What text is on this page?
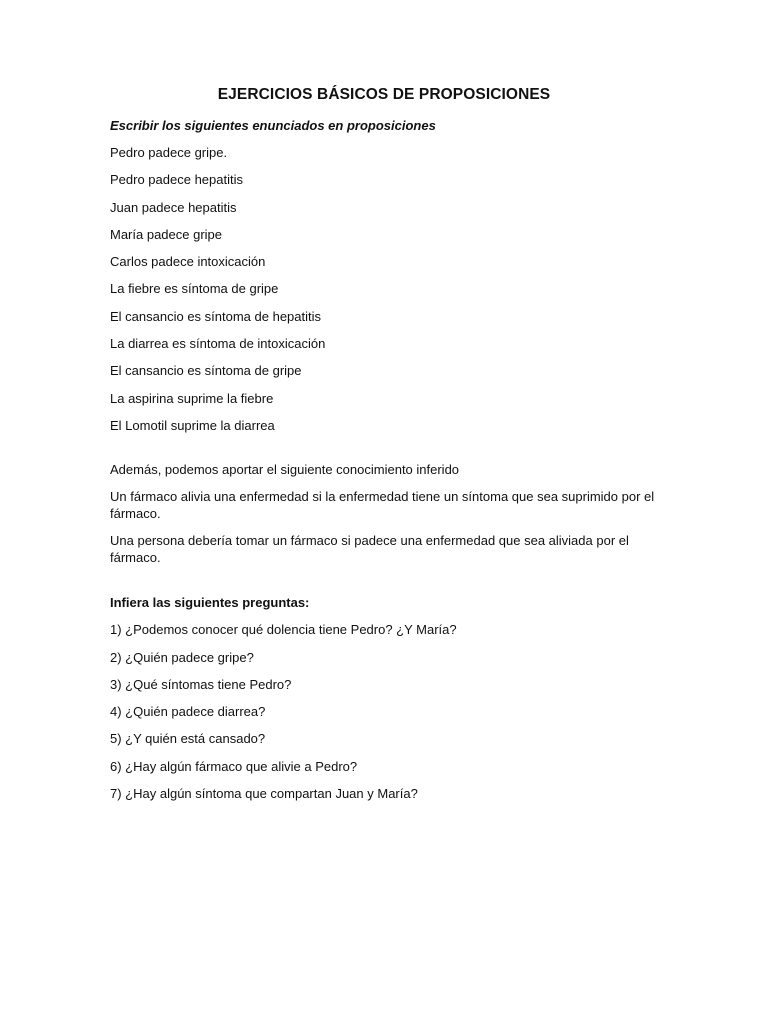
EJERCICIOS BÁSICOS DE PROPOSICIONES
Escribir los siguientes enunciados en proposiciones
Pedro padece gripe.
Pedro padece hepatitis
Juan padece hepatitis
María padece gripe
Carlos padece intoxicación
La fiebre es síntoma de gripe
El cansancio es síntoma de hepatitis
La diarrea es síntoma de intoxicación
El cansancio es síntoma de gripe
La aspirina suprime la fiebre
El Lomotil suprime la diarrea
Además, podemos aportar el siguiente conocimiento inferido
Un fármaco alivia una enfermedad si la enfermedad tiene un síntoma que sea suprimido por el fármaco.
Una persona debería tomar un fármaco si padece una enfermedad que sea aliviada por el fármaco.
Infiera las siguientes preguntas:
1) ¿Podemos conocer qué dolencia tiene Pedro? ¿Y María?
2) ¿Quién padece gripe?
3) ¿Qué síntomas tiene Pedro?
4) ¿Quién padece diarrea?
5) ¿Y quién está cansado?
6) ¿Hay algún fármaco que alivie a Pedro?
7) ¿Hay algún síntoma que compartan Juan y María?
